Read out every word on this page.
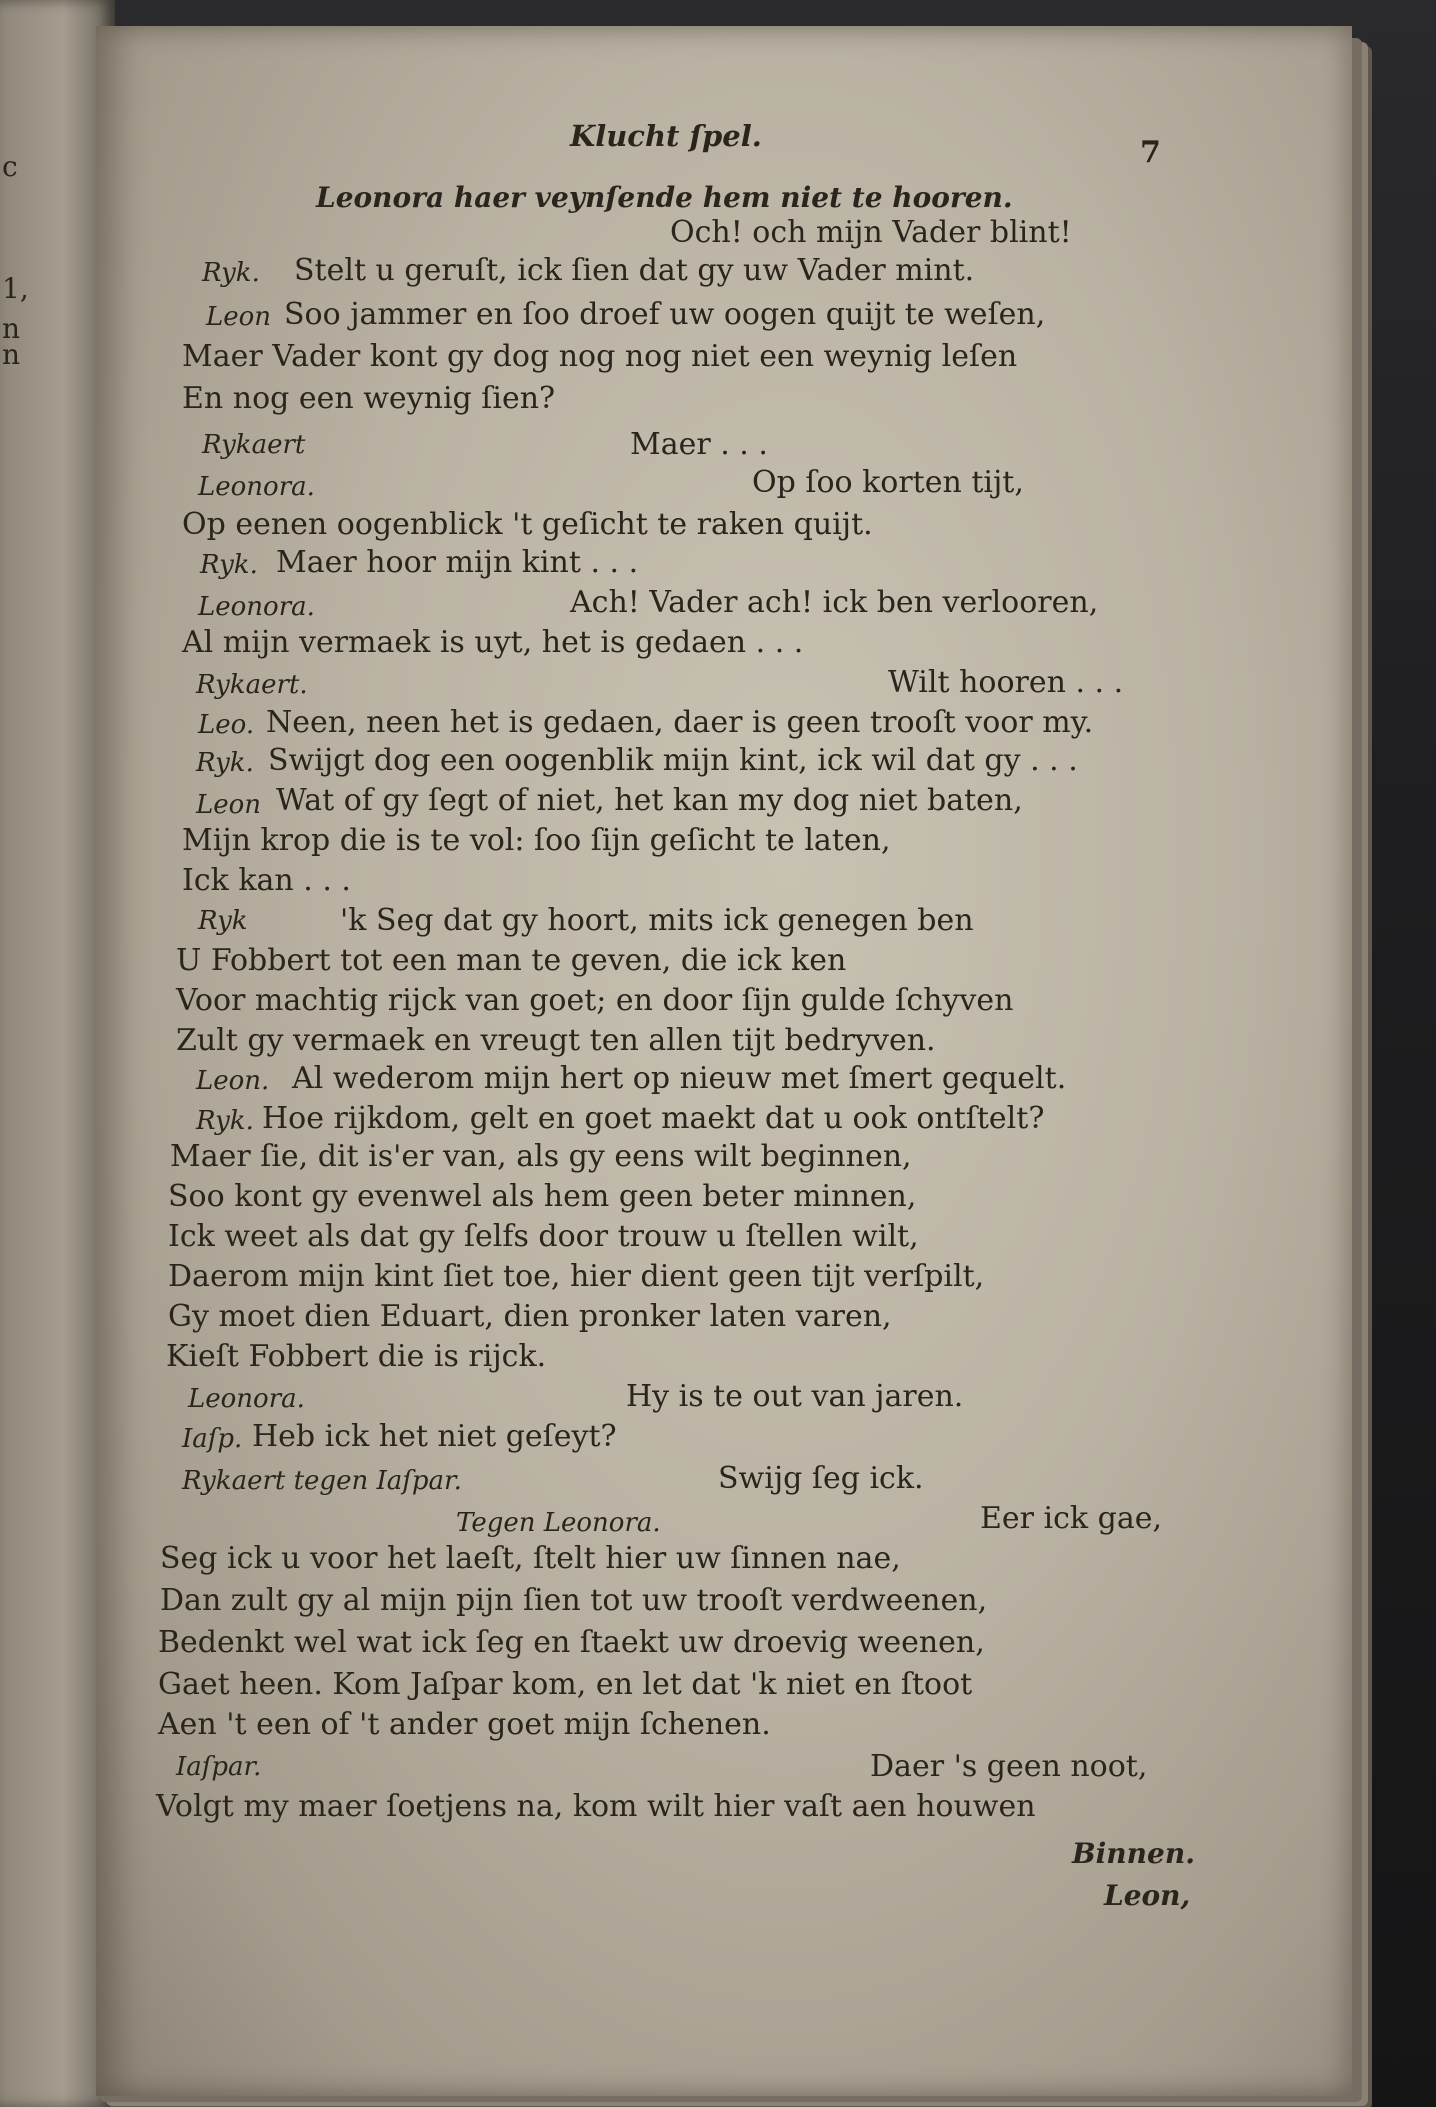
c
1,
n
n
Klucht ſpel.	7
Leonora haer veynſende hem niet te hooren.
Och! och mijn Vader blint!
Ryk. Stelt u geruſt, ick ſien dat gy uw Vader mint.
Leon Soo jammer en ſoo droef uw oogen quijt te weſen,
Maer Vader kont gy dog nog nog niet een weynig leſen
En nog een weynig ſien?
Rykaert	Maer . . .
Leonora.	Op ſoo korten tijt,
Op eenen oogenblick 't geſicht te raken quijt.
Ryk. Maer hoor mijn kint . . .
Leonora.	Ach! Vader ach! ick ben verlooren,
Al mijn vermaek is uyt, het is gedaen . . .
Rykaert.	Wilt hooren . . .
Leo. Neen, neen het is gedaen, daer is geen trooſt voor my.
Ryk. Swijgt dog een oogenblik mijn kint, ick wil dat gy . . .
Leon Wat of gy ſegt of niet, het kan my dog niet baten,
Mijn krop die is te vol: ſoo ſijn geſicht te laten,
Ick kan . . .
Ryk	'k Seg dat gy hoort, mits ick genegen ben
U Fobbert tot een man te geven, die ick ken
Voor machtig rijck van goet; en door ſijn gulde ſchyven
Zult gy vermaek en vreugt ten allen tijt bedryven.
Leon. Al wederom mijn hert op nieuw met ſmert gequelt.
Ryk. Hoe rijkdom, gelt en goet maekt dat u ook ontſtelt?
Maer ſie, dit is'er van, als gy eens wilt beginnen,
Soo kont gy evenwel als hem geen beter minnen,
Ick weet als dat gy ſelfs door trouw u ſtellen wilt,
Daerom mijn kint ſiet toe, hier dient geen tijt verſpilt,
Gy moet dien Eduart, dien pronker laten varen,
Kieſt Fobbert die is rijck.
Leonora.	Hy is te out van jaren.
Iaſp. Heb ick het niet geſeyt?
Rykaert tegen Iaſpar.	Swijg ſeg ick.
Tegen Leonora.	Eer ick gae,
Seg ick u voor het laeſt, ſtelt hier uw ſinnen nae,
Dan zult gy al mijn pijn ſien tot uw trooſt verdweenen,
Bedenkt wel wat ick ſeg en ſtaekt uw droevig weenen,
Gaet heen. Kom Jaſpar kom, en let dat 'k niet en ſtoot
Aen 't een of 't ander goet mijn ſchenen.
Iaſpar.	Daer 's geen noot,
Volgt my maer ſoetjens na, kom wilt hier vaſt aen houwen
Binnen.
Leon,
